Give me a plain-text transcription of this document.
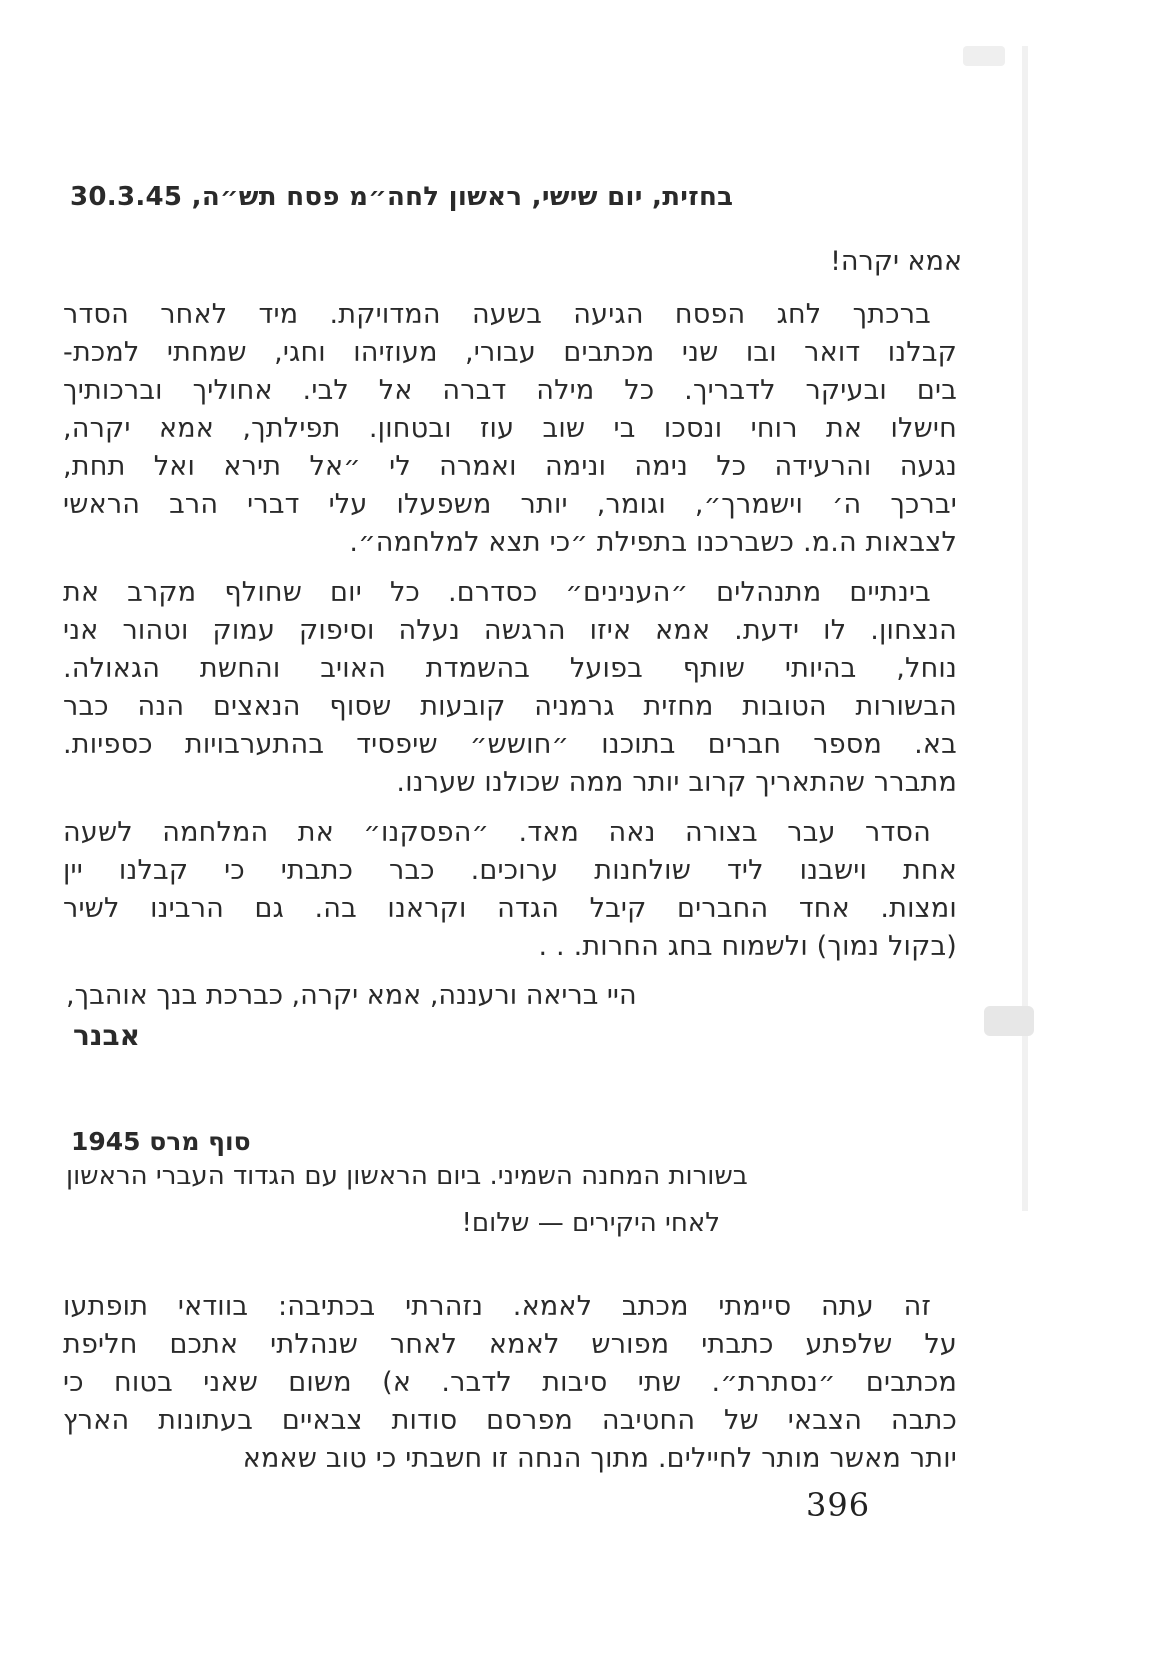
בחזית, יום שישי, ראשון לחה״מ פסח תש״ה, 30.3.45
אמא יקרה!
ברכתך לחג הפסח הגיעה בשעה המדויקת. מיד לאחר הסדר
קבלנו דואר ובו שני מכתבים עבורי, מעוזיהו וחגי, שמחתי למכת-
בים ובעיקר לדבריך. כל מילה דברה אל לבי. אחוליך וברכותיך
חישלו את רוחי ונסכו בי שוב עוז ובטחון. תפילתך, אמא יקרה,
נגעה והרעידה כל נימה ונימה ואמרה לי ״אל תירא ואל תחת,
יברכך ה׳ וישמרך״, וגומר, יותר משפעלו עלי דברי הרב הראשי
לצבאות ה.מ. כשברכנו בתפילת ״כי תצא למלחמה״.
בינתיים מתנהלים ״הענינים״ כסדרם. כל יום שחולף מקרב את
הנצחון. לו ידעת. אמא איזו הרגשה נעלה וסיפוק עמוק וטהור אני
נוחל, בהיותי שותף בפועל בהשמדת האויב והחשת הגאולה.
הבשורות הטובות מחזית גרמניה קובעות שסוף הנאצים הנה כבר
בא. מספר חברים בתוכנו ״חושש״ שיפסיד בהתערבויות כספיות.
מתברר שהתאריך קרוב יותר ממה שכולנו שערנו.
הסדר עבר בצורה נאה מאד. ״הפסקנו״ את המלחמה לשעה
אחת וישבנו ליד שולחנות ערוכים. כבר כתבתי כי קבלנו יין
ומצות. אחד החברים קיבל הגדה וקראנו בה. גם הרבינו לשיר
(בקול נמוך) ולשמוח בחג החרות. . .
היי בריאה ורעננה, אמא יקרה, כברכת בנך אוהבך,
אבנר
סוף מרס 1945
בשורות המחנה השמיני. ביום הראשון עם הגדוד העברי הראשון
לאחי היקירים — שלום!
זה עתה סיימתי מכתב לאמא. נזהרתי בכתיבה: בוודאי תופתעו
על שלפתע כתבתי מפורש לאמא לאחר שנהלתי אתכם חליפת
מכתבים ״נסתרת״. שתי סיבות לדבר. א) משום שאני בטוח כי
כתבה הצבאי של החטיבה מפרסם סודות צבאיים בעתונות הארץ
יותר מאשר מותר לחיילים. מתוך הנחה זו חשבתי כי טוב שאמא
396
